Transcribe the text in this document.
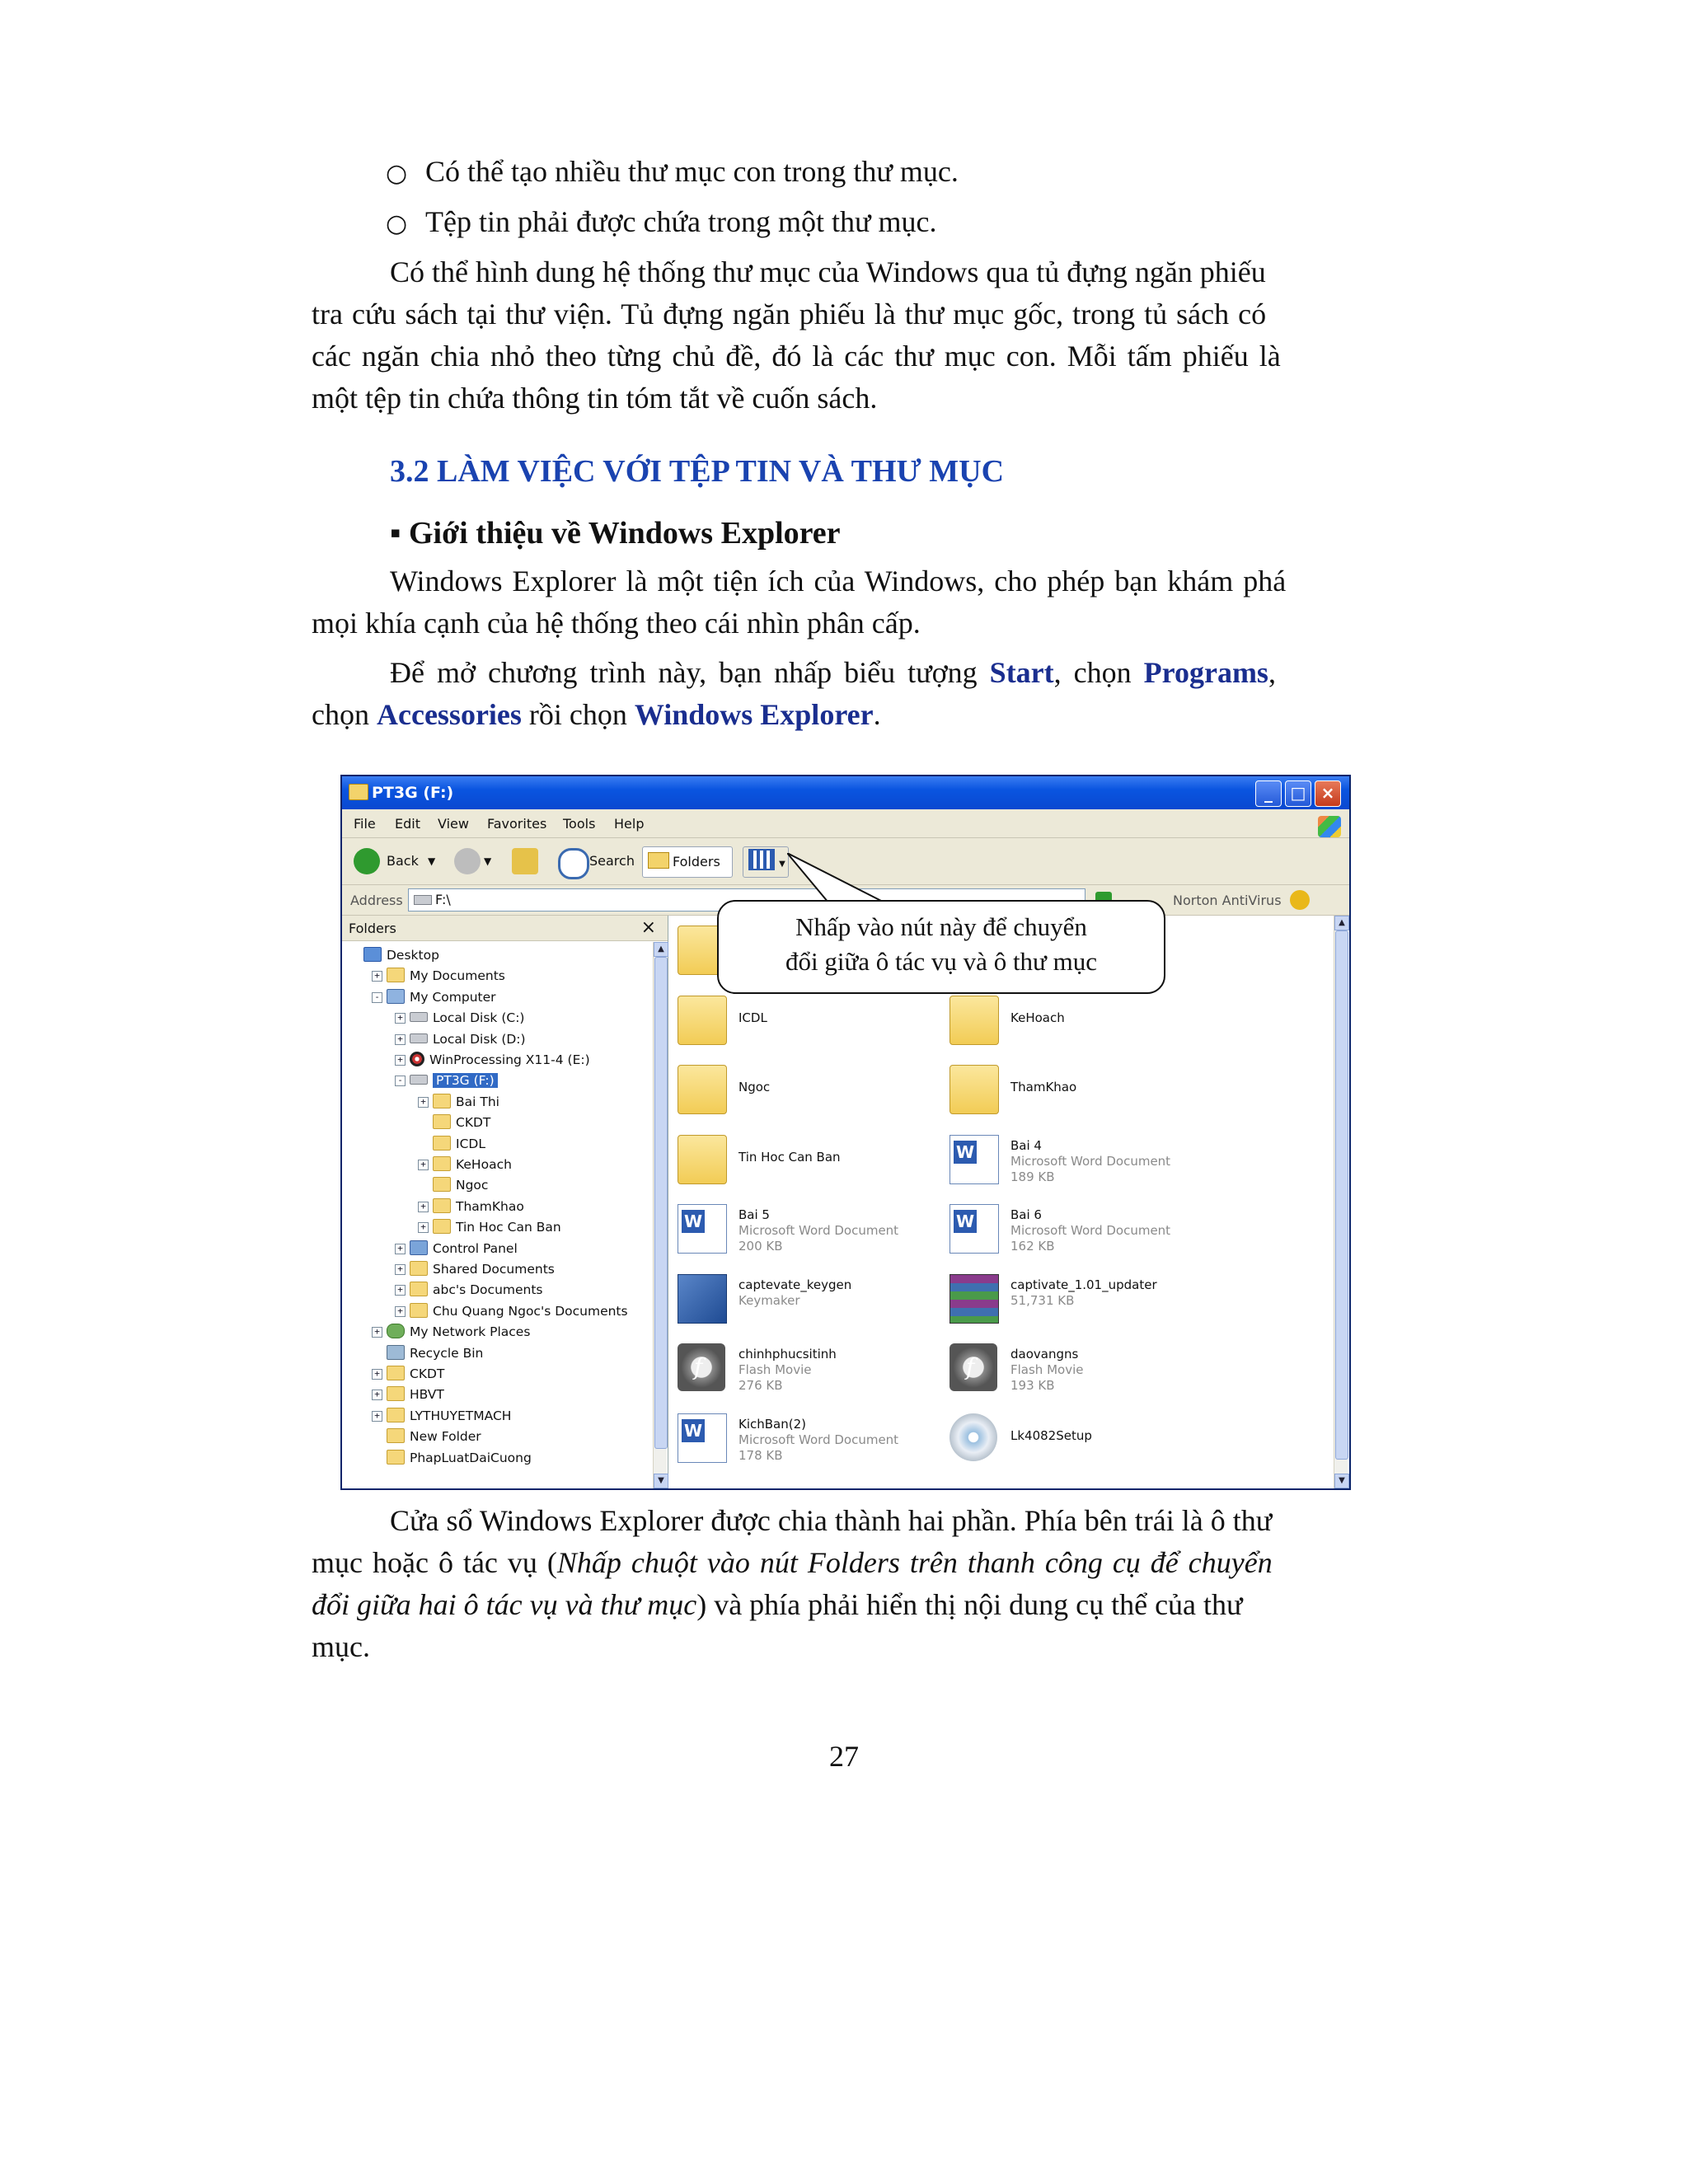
○ Có thể tạo nhiều thư mục con trong thư mục.
○ Tệp tin phải được chứa trong một thư mục.
Có thể hình dung hệ thống thư mục của Windows qua tủ đựng ngăn phiếu
tra cứu sách tại thư viện. Tủ đựng ngăn phiếu là thư mục gốc, trong tủ sách có
các ngăn chia nhỏ theo từng chủ đề, đó là các thư mục con. Mỗi tấm phiếu là
một tệp tin chứa thông tin tóm tắt về cuốn sách.
3.2 LÀM VIỆC VỚI TỆP TIN VÀ THƯ MỤC
▪ Giới thiệu về Windows Explorer
Windows Explorer là một tiện ích của Windows, cho phép bạn khám phá
mọi khía cạnh của hệ thống theo cái nhìn phân cấp.
Để mở chương trình này, bạn nhấp biểu tượng Start, chọn Programs,
chọn Accessories rồi chọn Windows Explorer.
PT3G (F:)	_	□ ×
File Edit View Favorites Tools Help
Back ▼	▼	Search	Folders	▼
Address F:\	Norton AntiVirus
Folders	×
Desktop
+ My Documents
- My Computer
+ Local Disk (C:)
+ Local Disk (D:)
+ WinProcessing X11-4 (E:)
-	PT3G (F:)
+ Bai Thi
CKDT
ICDL
+ KeHoach
Ngoc
+ ThamKhao
+ Tin Hoc Can Ban
+ Control Panel
+ Shared Documents
+ abc's Documents
+ Chu Quang Ngoc's Documents
+ My Network Places
Recycle Bin
+ CKDT
+ HBVT
+ LYTHUYETMACH
New Folder
PhapLuatDaiCuong
▲
▼
ICDL	KeHoach
Ngoc	ThamKhao
Tin Hoc Can Ban
W
Bai 4
Microsoft Word Document
189 KB
W
Bai 5
Microsoft Word Document
200 KB
W
Bai 6
Microsoft Word Document
162 KB
captevate_keygen
Keymaker
captivate_1.01_updater
51,731 KB
f
chinhphucsitinh
Flash Movie
276 KB
f
daovangns
Flash Movie
193 KB
W
KichBan(2)
Microsoft Word Document
178 KB
Lk4082Setup
▲
▼
Nhấp vào nút này để chuyển
đổi giữa ô tác vụ và ô thư mục
Cửa sổ Windows Explorer được chia thành hai phần. Phía bên trái là ô thư
mục hoặc ô tác vụ (Nhấp chuột vào nút Folders trên thanh công cụ để chuyển
đổi giữa hai ô tác vụ và thư mục) và phía phải hiển thị nội dung cụ thể của thư
mục.
27
